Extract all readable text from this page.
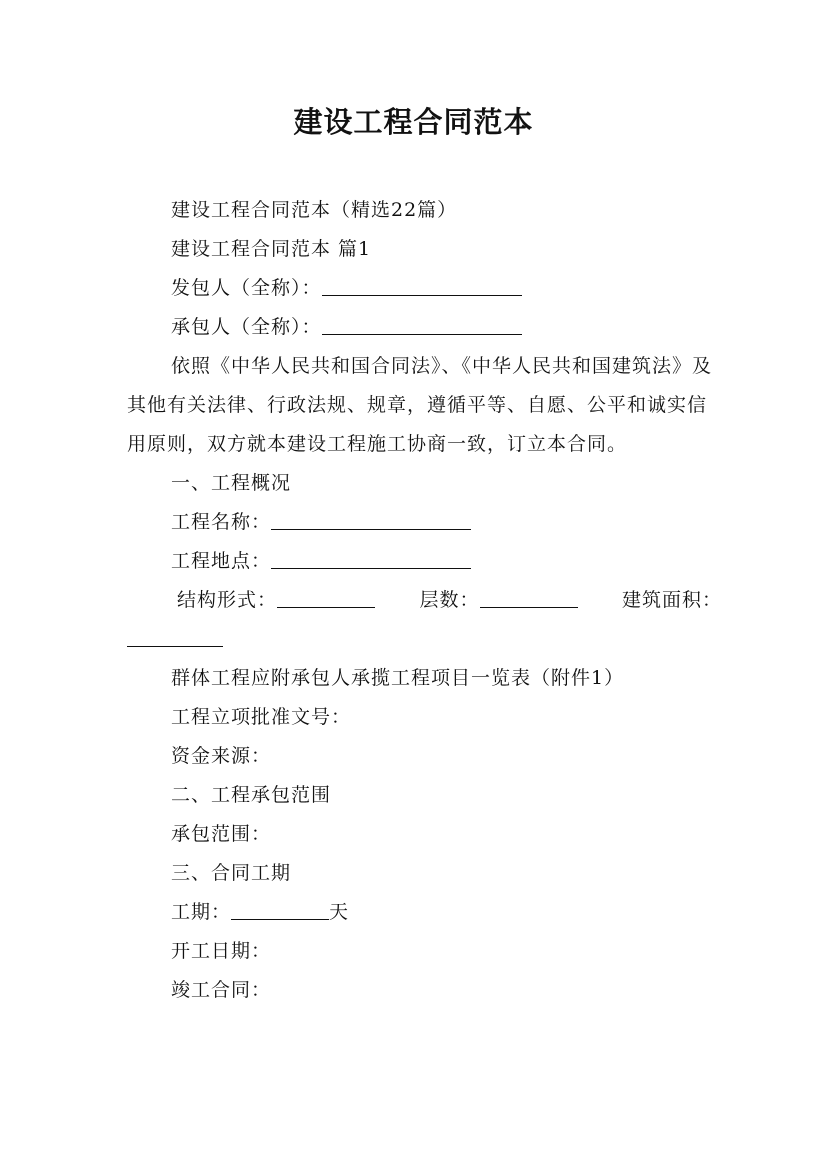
建设工程合同范本

建设工程合同范本（精选22篇）

建设工程合同范本 篇1

发包人（全称）：

承包人（全称）：

依照《中华人民共和国合同法》、《中华人民共和国建筑法》及其他有关法律、行政法规、规章，遵循平等、自愿、公平和诚实信用原则，双方就本建设工程施工协商一致，订立本合同。

一、工程概况

工程名称：

工程地点：

结构形式：	层数：	建筑面积：

群体工程应附承包人承揽工程项目一览表（附件1）

工程立项批准文号：

资金来源：

二、工程承包范围

承包范围：

三、合同工期

工期：	天

开工日期：

竣工合同：
